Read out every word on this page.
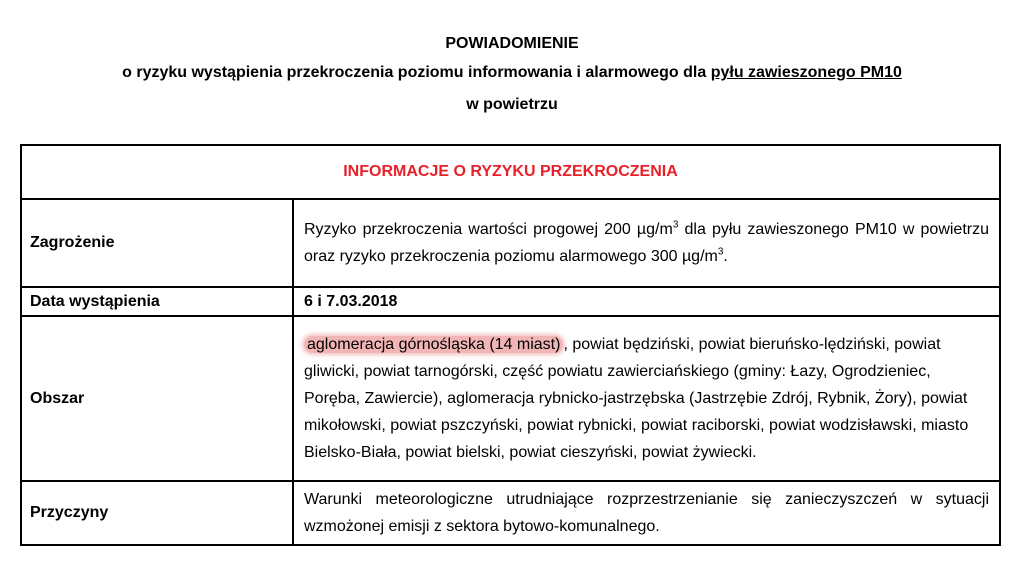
POWIADOMIENIE
o ryzyku wystąpienia przekroczenia poziomu informowania i alarmowego dla pyłu zawieszonego PM10
w powietrzu
INFORMACJE O RYZYKU PRZEKROCZENIA	
Zagrożenie	Ryzyko przekroczenia wartości progowej 200 $\mu g/m^3$ dla pyłu zawieszonego PM10 w powietrzu oraz ryzyko przekroczenia poziomu alarmowego 300 $\mu g/m^3$.
Data wystąpienia	6 i 7.03.2018
Obszar	aglomeracja górnośląska (14 miast) , powiat będziński, powiat bieruńsko-lędziński, powiat gliwicki, powiat tarnogórski, część powiatu zawierciańskiego (gminy: Łazy, Ogrodzieniec, Poręba, Zawiercie), aglomeracja rybnicko-jastrzębska (Jastrzębie Zdrój, Rybnik, Żory), powiat mikołowski, powiat pszczyński, powiat rybnicki, powiat raciborski, powiat wodzisławski, miasto Bielsko-Biała, powiat bielski, powiat cieszyński, powiat żywiecki.
Przyczyny	Warunki meteorologiczne utrudniające rozprzestrzenianie się zanieczyszczeń w sytuacji wzmożonej emisji z sektora bytowo-komunalnego.
